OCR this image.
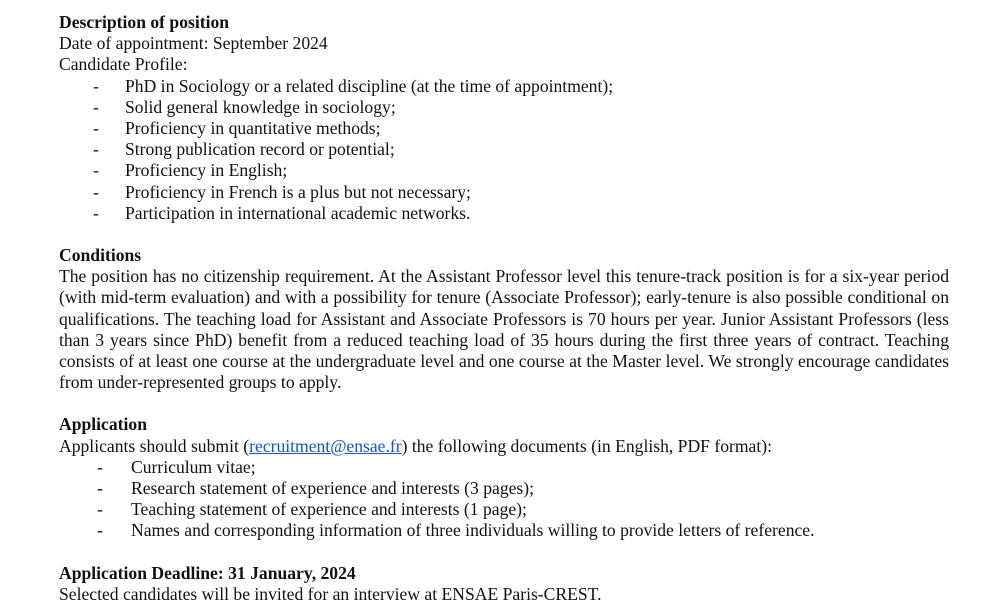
Description of position
Date of appointment: September 2024
Candidate Profile:
- PhD in Sociology or a related discipline (at the time of appointment);
- Solid general knowledge in sociology;
- Proficiency in quantitative methods;
- Strong publication record or potential;
- Proficiency in English;
- Proficiency in French is a plus but not necessary;
- Participation in international academic networks.
Conditions
The position has no citizenship requirement. At the Assistant Professor level this tenure-track position is for a six-year period (with mid-term evaluation) and with a possibility for tenure (Associate Professor); early-tenure is also possible conditional on qualifications. The teaching load for Assistant and Associate Professors is 70 hours per year. Junior Assistant Professors (less than 3 years since PhD) benefit from a reduced teaching load of 35 hours during the first three years of contract. Teaching consists of at least one course at the undergraduate level and one course at the Master level. We strongly encourage candidates from under-represented groups to apply.
Application
Applicants should submit (recruitment@ensae.fr) the following documents (in English, PDF format):
- Curriculum vitae;
- Research statement of experience and interests (3 pages);
- Teaching statement of experience and interests (1 page);
- Names and corresponding information of three individuals willing to provide letters of reference.
Application Deadline: 31 January, 2024
Selected candidates will be invited for an interview at ENSAE Paris-CREST.
